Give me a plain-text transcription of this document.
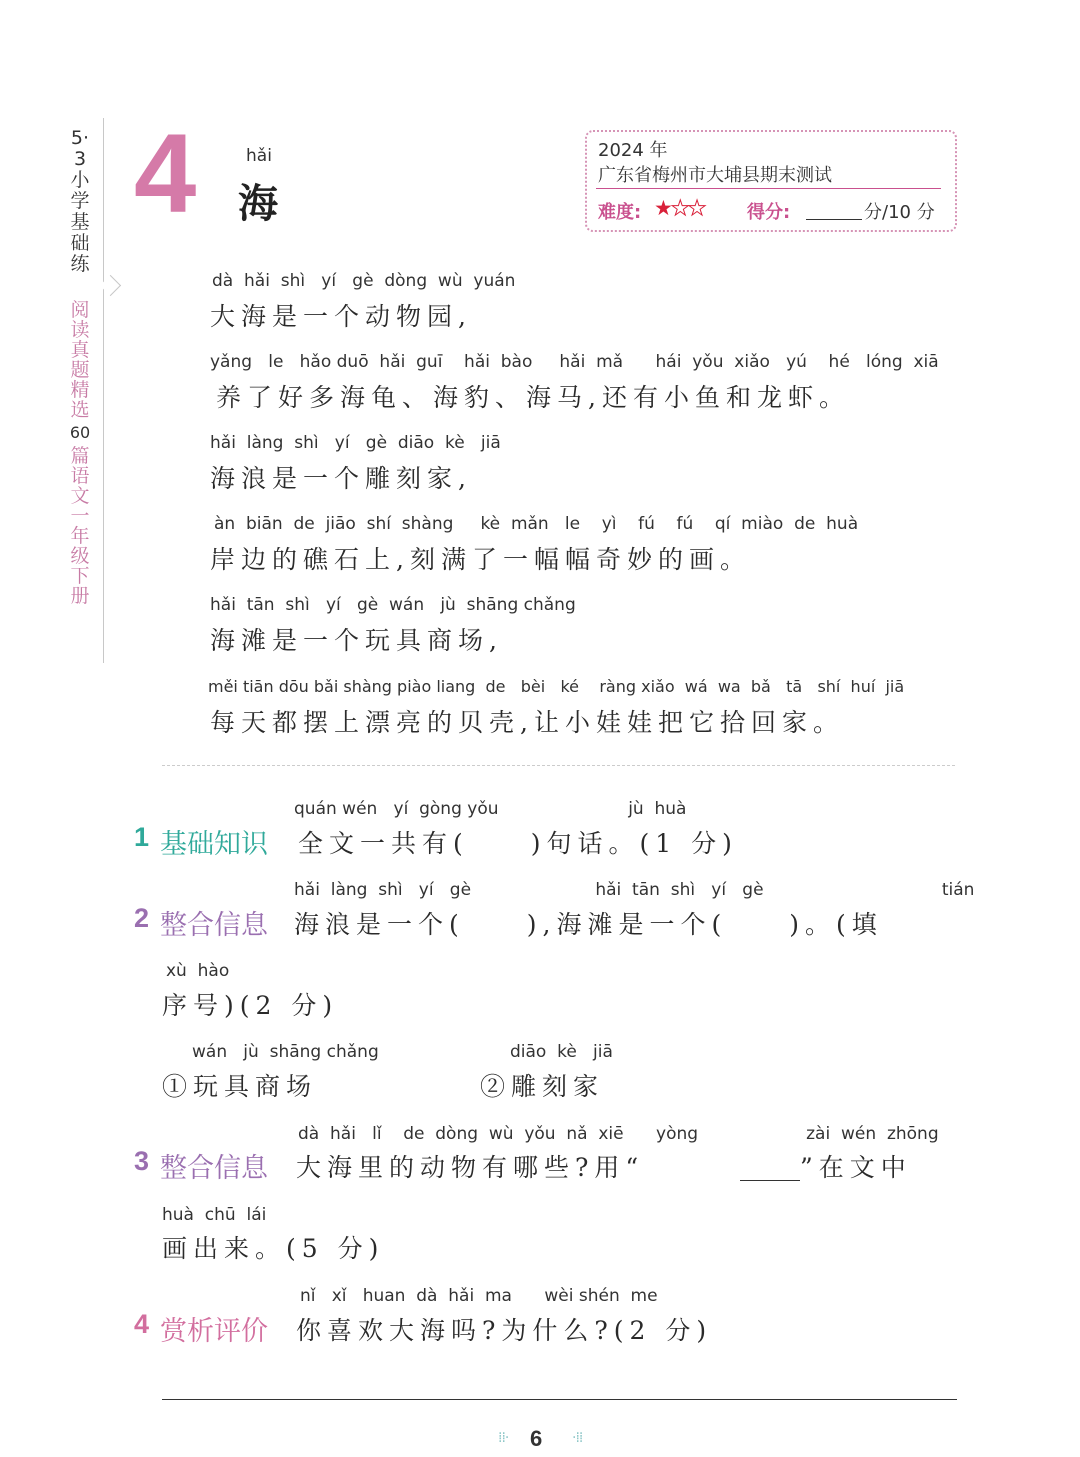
5·3小学基础练
阅读真题精选
60
篇 语文 一年级下册
4	hǎi
海
2024 年
广东省梅州市大埔县期末测试
难度: ★★★ 得分:	分/10 分
dà  hǎi  shì   yí   gè  dòng  wù  yuán
大海是一个动物园,
yǎng   le   hǎo duō  hǎi  guī    hǎi  bào     hǎi  mǎ      hái  yǒu  xiǎo   yú    hé   lóng  xiā
养了好多海龟、海豹、海马,还有小鱼和龙虾。
hǎi  làng  shì   yí   gè  diāo  kè   jiā
海浪是一个雕刻家,
àn  biān  de  jiāo  shí  shàng     kè  mǎn   le    yì    fú    fú    qí  miào  de  huà
岸边的礁石上,刻满了一幅幅奇妙的画。
hǎi  tān  shì   yí   gè  wán   jù  shāng chǎng
海滩是一个玩具商场,
měi tiān dōu bǎi shàng piào liang  de   bèi   ké    ràng xiǎo  wá  wa  bǎ   tā   shí  huí  jiā
每天都摆上漂亮的贝壳,让小娃娃把它拾回家。
1 基础知识
quán wén   yí  gòng yǒu                        jù  huà
全文一共有(　　)句话。(1 分)
2 整合信息
hǎi  làng  shì   yí   gè                       hǎi  tān  shì   yí   gè                                 tián
海浪是一个(　　),海滩是一个(　　)。(填
xù  hào
序号)(2 分)
wán   jù  shāng chǎng
①玩具商场
diāo  kè   jiā
②雕刻家
3 整合信息
dà  hǎi   lǐ    de  dòng  wù  yǒu  nǎ  xiē      yòng                    zài  wén  zhōng
大海里的动物有哪些?用“	”在文中
huà  chū  lái
画出来。(5 分)
4 赏析评价
nǐ   xǐ   huan  dà  hǎi  ma      wèi shén  me
你喜欢大海吗?为什么?(2 分)
⁞⁞· 6 ·⁞⁞
